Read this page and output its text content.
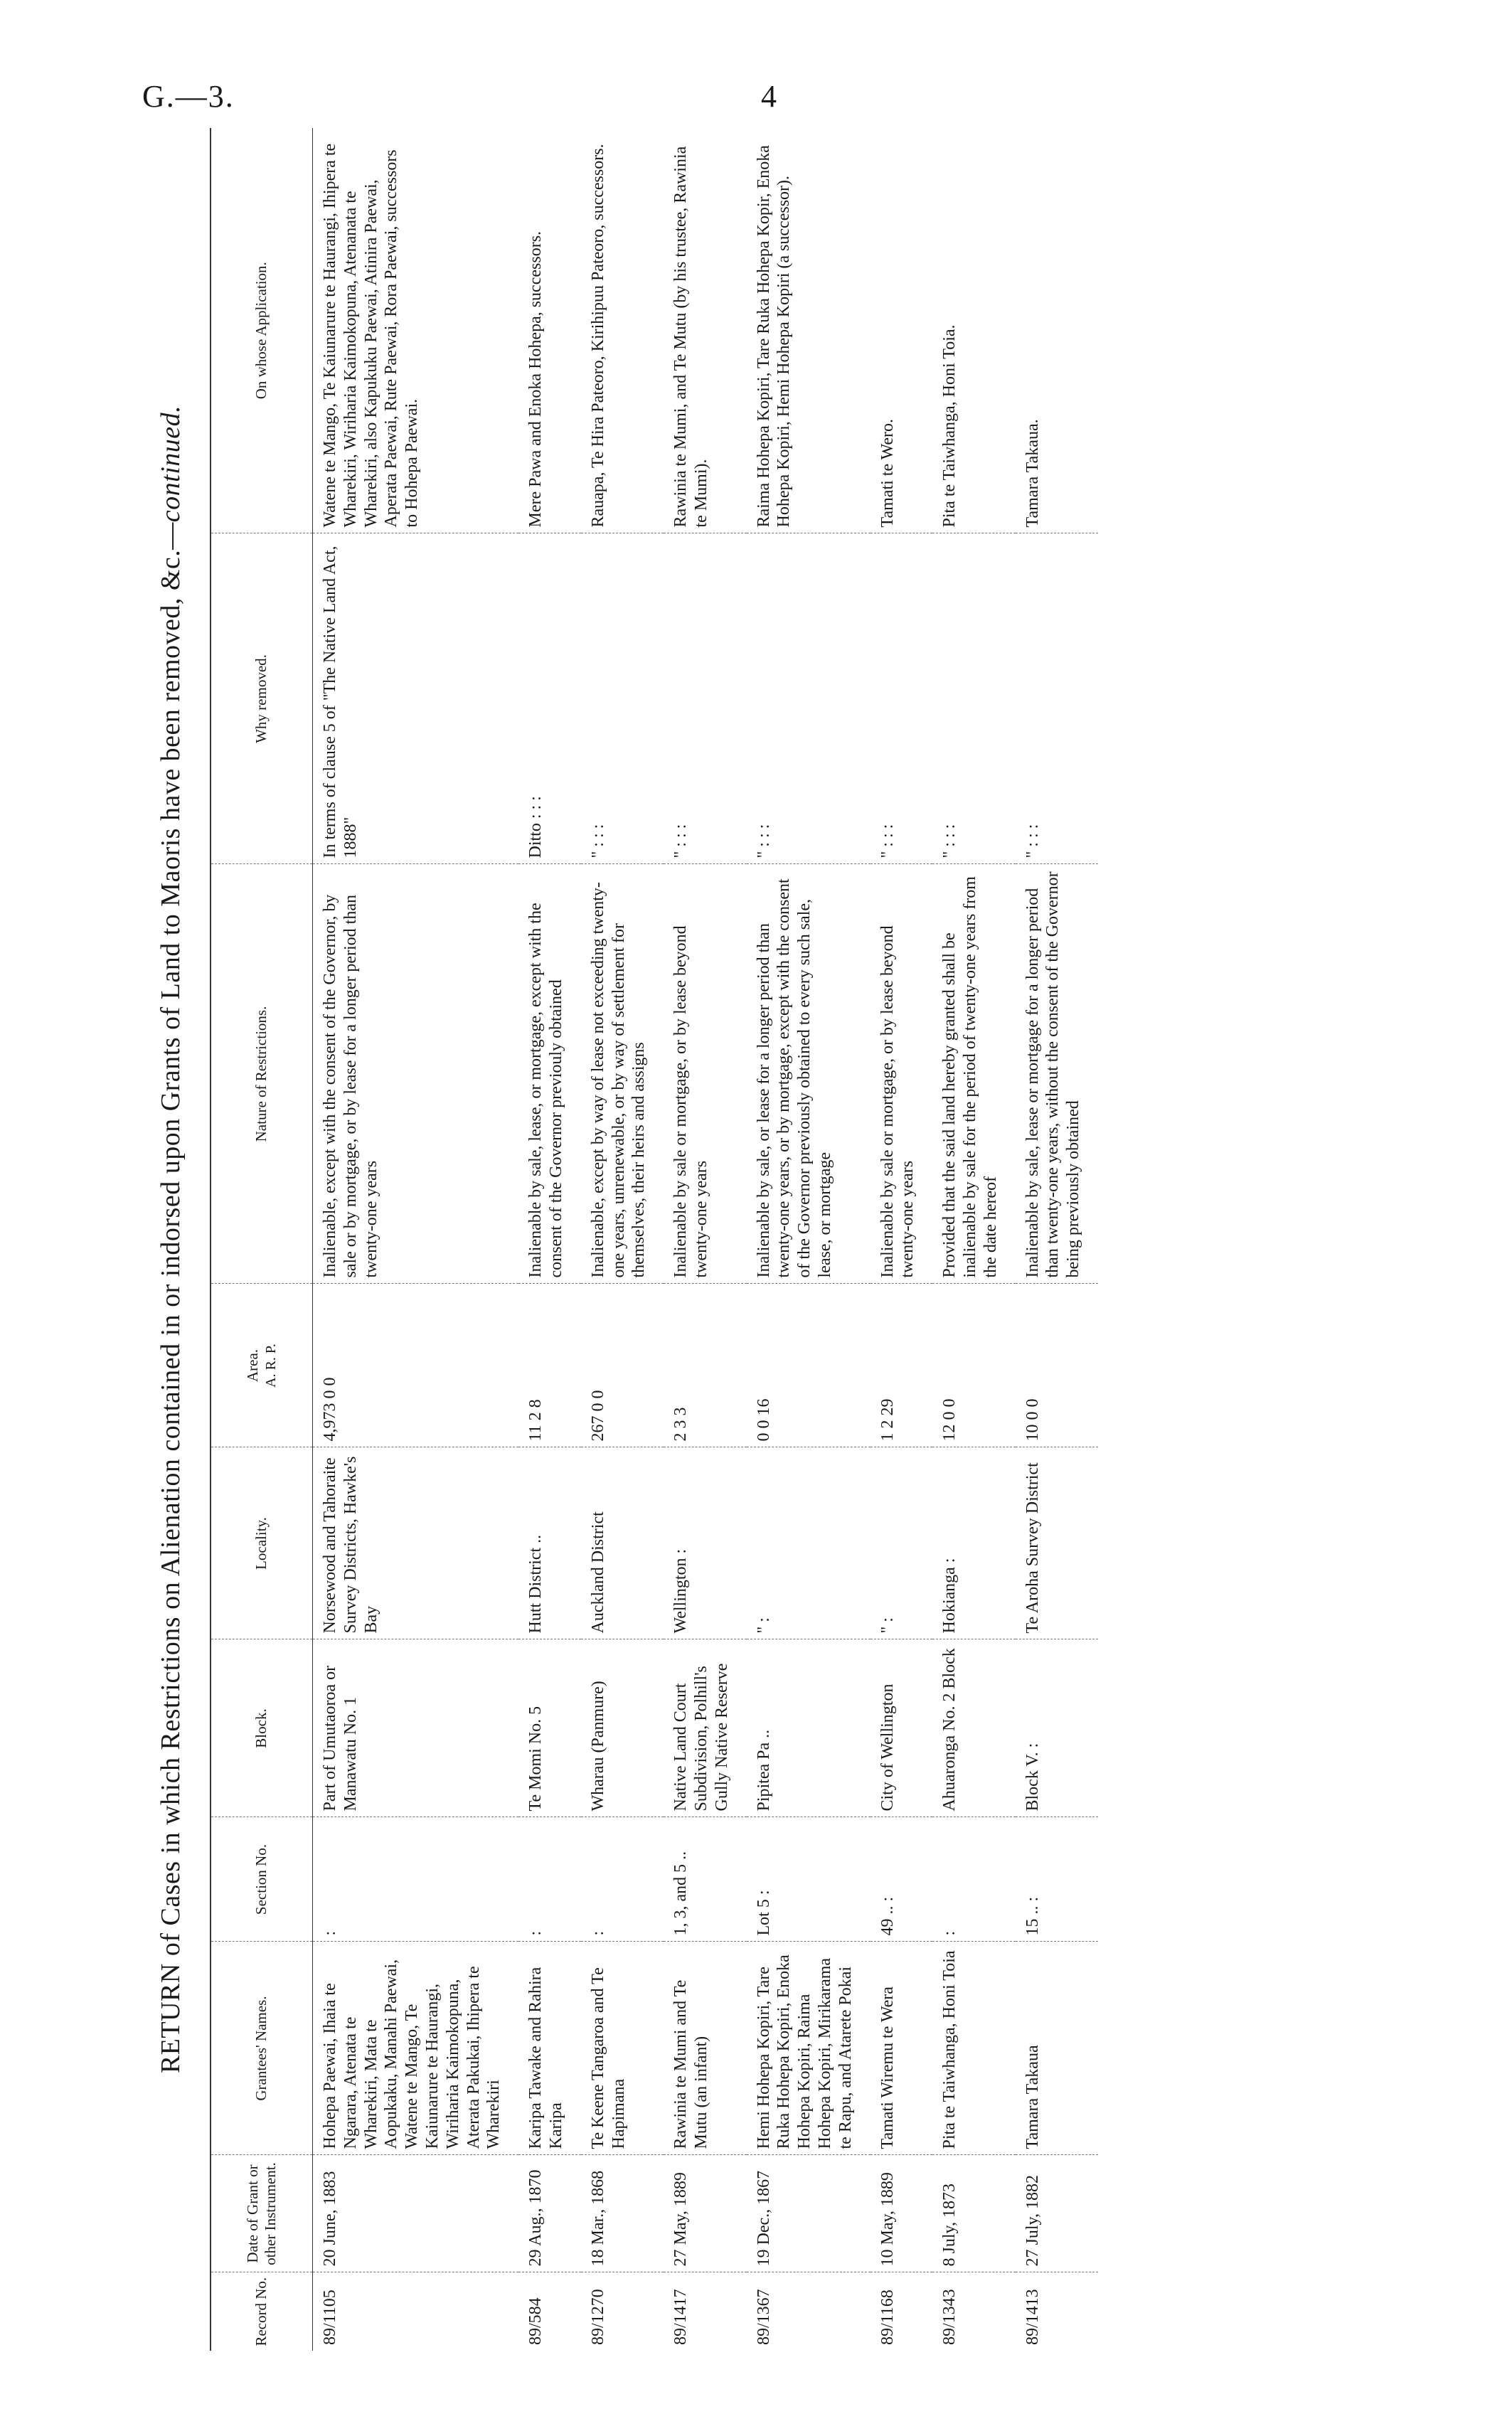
G.—3.	4
RETURN of Cases in which Restrictions on Alienation contained in or indorsed upon Grants of Land to Maoris have been removed, &c.—continued.
Record No.	Date of Grant or other Instrument.	Grantees' Names.	Section No.	Block.	Locality.	Area. A. R. P.	Nature of Restrictions.	Why removed.	On whose Application.
89/1105	20 June, 1883	Hohepa Paewai, Ihaia te Ngarara, Atenata te Wharekiri, Mata te Aopukaku, Manahi Paewai, Watene te Mango, Te Kaiunarure te Haurangi, Wiriharia Kaimokopuna, Aterata Pakukai, Ihipera te Wharekiri	:	Part of Umutaoroa or Manawatu No. 1	Norsewood and Tahoraite Survey Districts, Hawke's Bay	4,973 0 0	Inalienable, except with the consent of the Governor, by sale or by mortgage, or by lease for a longer period than twenty-one years	In terms of clause 5 of "The Native Land Act, 1888"	Watene te Mango, Te Kaiunarure te Haurangi, Ihipera te Wharekiri, Wiriharia Kaimokopuna, Atenanata te Wharekiri, also Kapukuku Paewai, Atinira Paewai, Aperata Paewai, Rute Paewai, Rora Paewai, successors to Hohepa Paewai.
89/584	29 Aug., 1870	Karipa Tawake and Rahira Karipa	:	Te Momi No. 5	Hutt District ..	11 2 8	Inalienable by sale, lease, or mortgage, except with the consent of the Governor previouly obtained	Ditto : : :	Mere Pawa and Enoka Hohepa, successors.
89/1270	18 Mar., 1868	Te Keene Tangaroa and Te Hapimana	:	Wharau (Panmure)	Auckland District	267 0 0	Inalienable, except by way of lease not exceeding twenty-one years, unrenewable, or by way of settlement for themselves, their heirs and assigns	" : : :	Rauapa, Te Hira Pateoro, Kirihipuu Pateoro, successors.
89/1417	27 May, 1889	Rawinia te Mumi and Te Mutu (an infant)	1, 3, and 5 ..	Native Land Court Subdivision, Polhill's Gully Native Reserve	Wellington :	2 3 3	Inalienable by sale or mortgage, or by lease beyond twenty-one years	" : : :	Rawinia te Mumi, and Te Mutu (by his trustee, Rawinia te Mumi).
89/1367	19 Dec., 1867	Hemi Hohepa Kopiri, Tare Ruka Hohepa Kopiri, Enoka Hohepa Kopiri, Raima Hohepa Kopiri, Mirikarama te Rapu, and Atarete Pokai	Lot 5 :	Pipitea Pa ..	" :	0 0 16	Inalienable by sale, or lease for a longer period than twenty-one years, or by mortgage, except with the consent of the Governor previously obtained to every such sale, lease, or mortgage	" : : :	Raima Hohepa Kopiri, Tare Ruka Hohepa Kopir, Enoka Hohepa Kopiri, Hemi Hohepa Kopiri (a successor).
89/1168	10 May, 1889	Tamati Wiremu te Wera	49 .. :	City of Wellington	" :	1 2 29	Inalienable by sale or mortgage, or by lease beyond twenty-one years	" : : :	Tamati te Wero.
89/1343	8 July, 1873	Pita te Taiwhanga, Honi Toia	:	Ahuaronga No. 2 Block	Hokianga :	12 0 0	Provided that the said land hereby granted shall be inalienable by sale for the period of twenty-one years from the date hereof	" : : :	Pita te Taiwhanga, Honi Toia.
89/1413	27 July, 1882	Tamara Takaua	15 .. :	Block V. :	Te Aroha Survey District	10 0 0	Inalienable by sale, lease or mortgage for a longer period than twenty-one years, without the consent of the Governor being previously obtained	" : : :	Tamara Takaua.
